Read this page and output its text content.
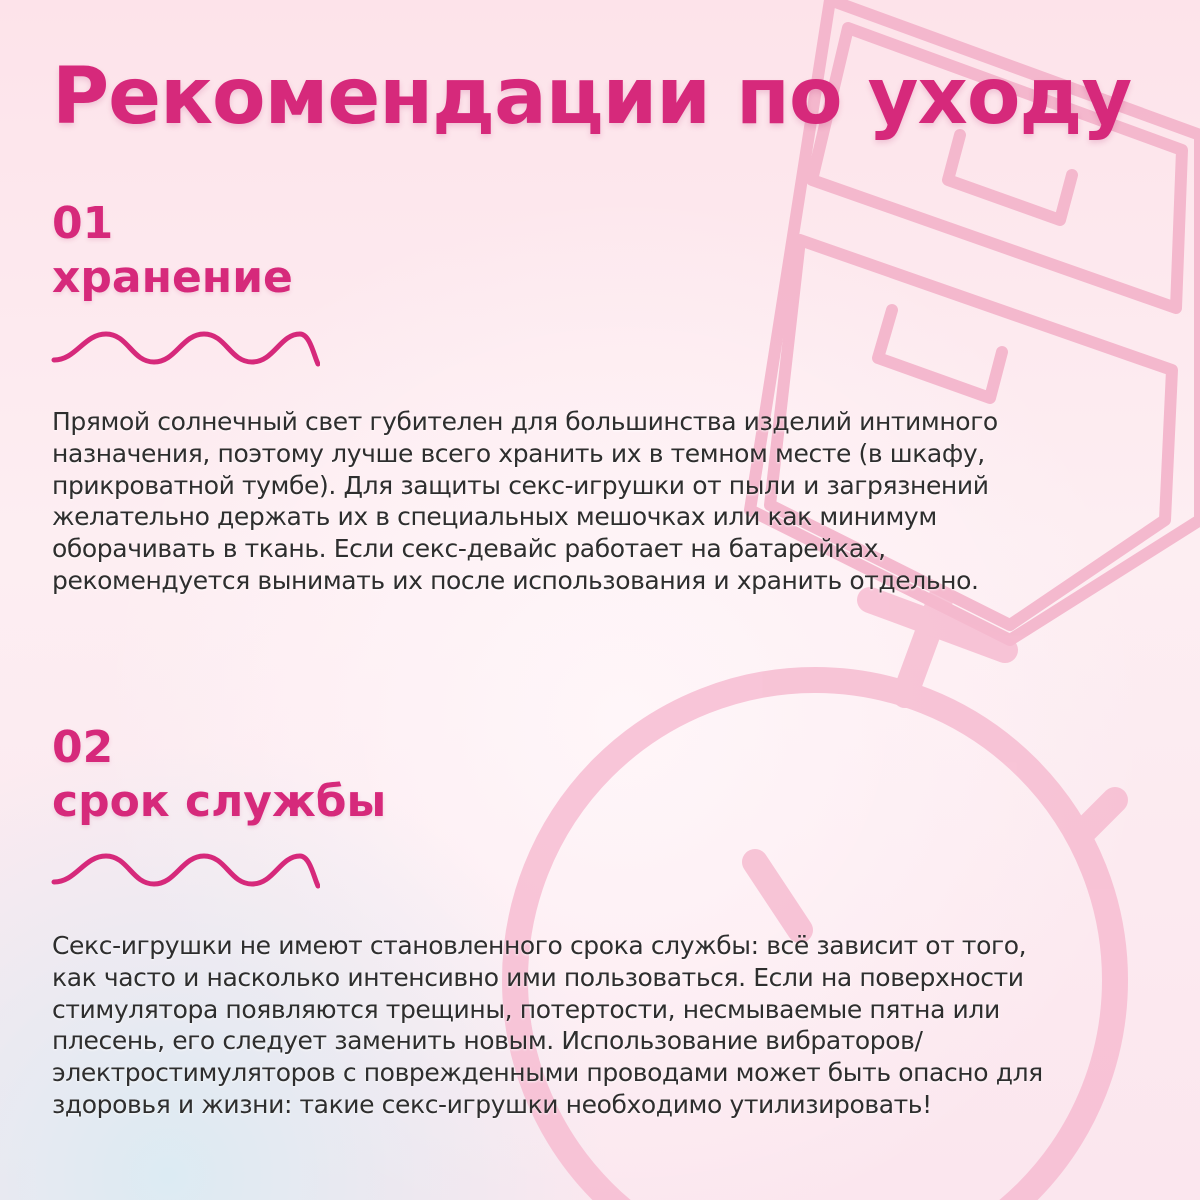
Рекомендации по уходу
01
хранение
Прямой солнечный свет губителен для большинства изделий интимного
назначения, поэтому лучше всего хранить их в темном месте (в шкафу,
прикроватной тумбе). Для защиты секс-игрушки от пыли и загрязнений
желательно держать их в специальных мешочках или как минимум
оборачивать в ткань. Если секс-девайс работает на батарейках,
рекомендуется вынимать их после использования и хранить отдельно.
02
срок службы
Секс-игрушки не имеют становленного срока службы: всё зависит от того,
как часто и насколько интенсивно ими пользоваться. Если на поверхности
стимулятора появляются трещины, потертости, несмываемые пятна или
плесень, его следует заменить новым. Использование вибраторов/
электростимуляторов с поврежденными проводами может быть опасно для
здоровья и жизни: такие секс-игрушки необходимо утилизировать!
